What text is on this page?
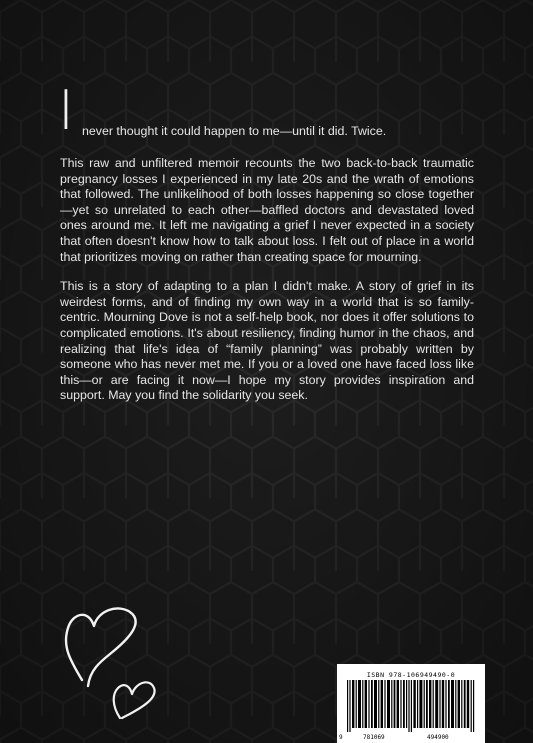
I never thought it could happen to me—until it did. Twice.

This raw and unfiltered memoir recounts the two back-to-back traumatic pregnancy losses I experienced in my late 20s and the wrath of emotions that followed. The unlikelihood of both losses happening so close together—yet so unrelated to each other—baffled doctors and devastated loved ones around me. It left me navigating a grief I never expected in a society that often doesn't know how to talk about loss. I felt out of place in a world that prioritizes moving on rather than creating space for mourning.

This is a story of adapting to a plan I didn't make. A story of grief in its weirdest forms, and of finding my own way in a world that is so family-centric. Mourning Dove is not a self-help book, nor does it offer solutions to complicated emotions. It's about resiliency, finding humor in the chaos, and realizing that life's idea of “family planning” was probably written by someone who has never met me. If you or a loved one have faced loss like this—or are facing it now—I hope my story provides inspiration and support. May you find the solidarity you seek.

ISBN 978-106949490-0
9	781069	494900
